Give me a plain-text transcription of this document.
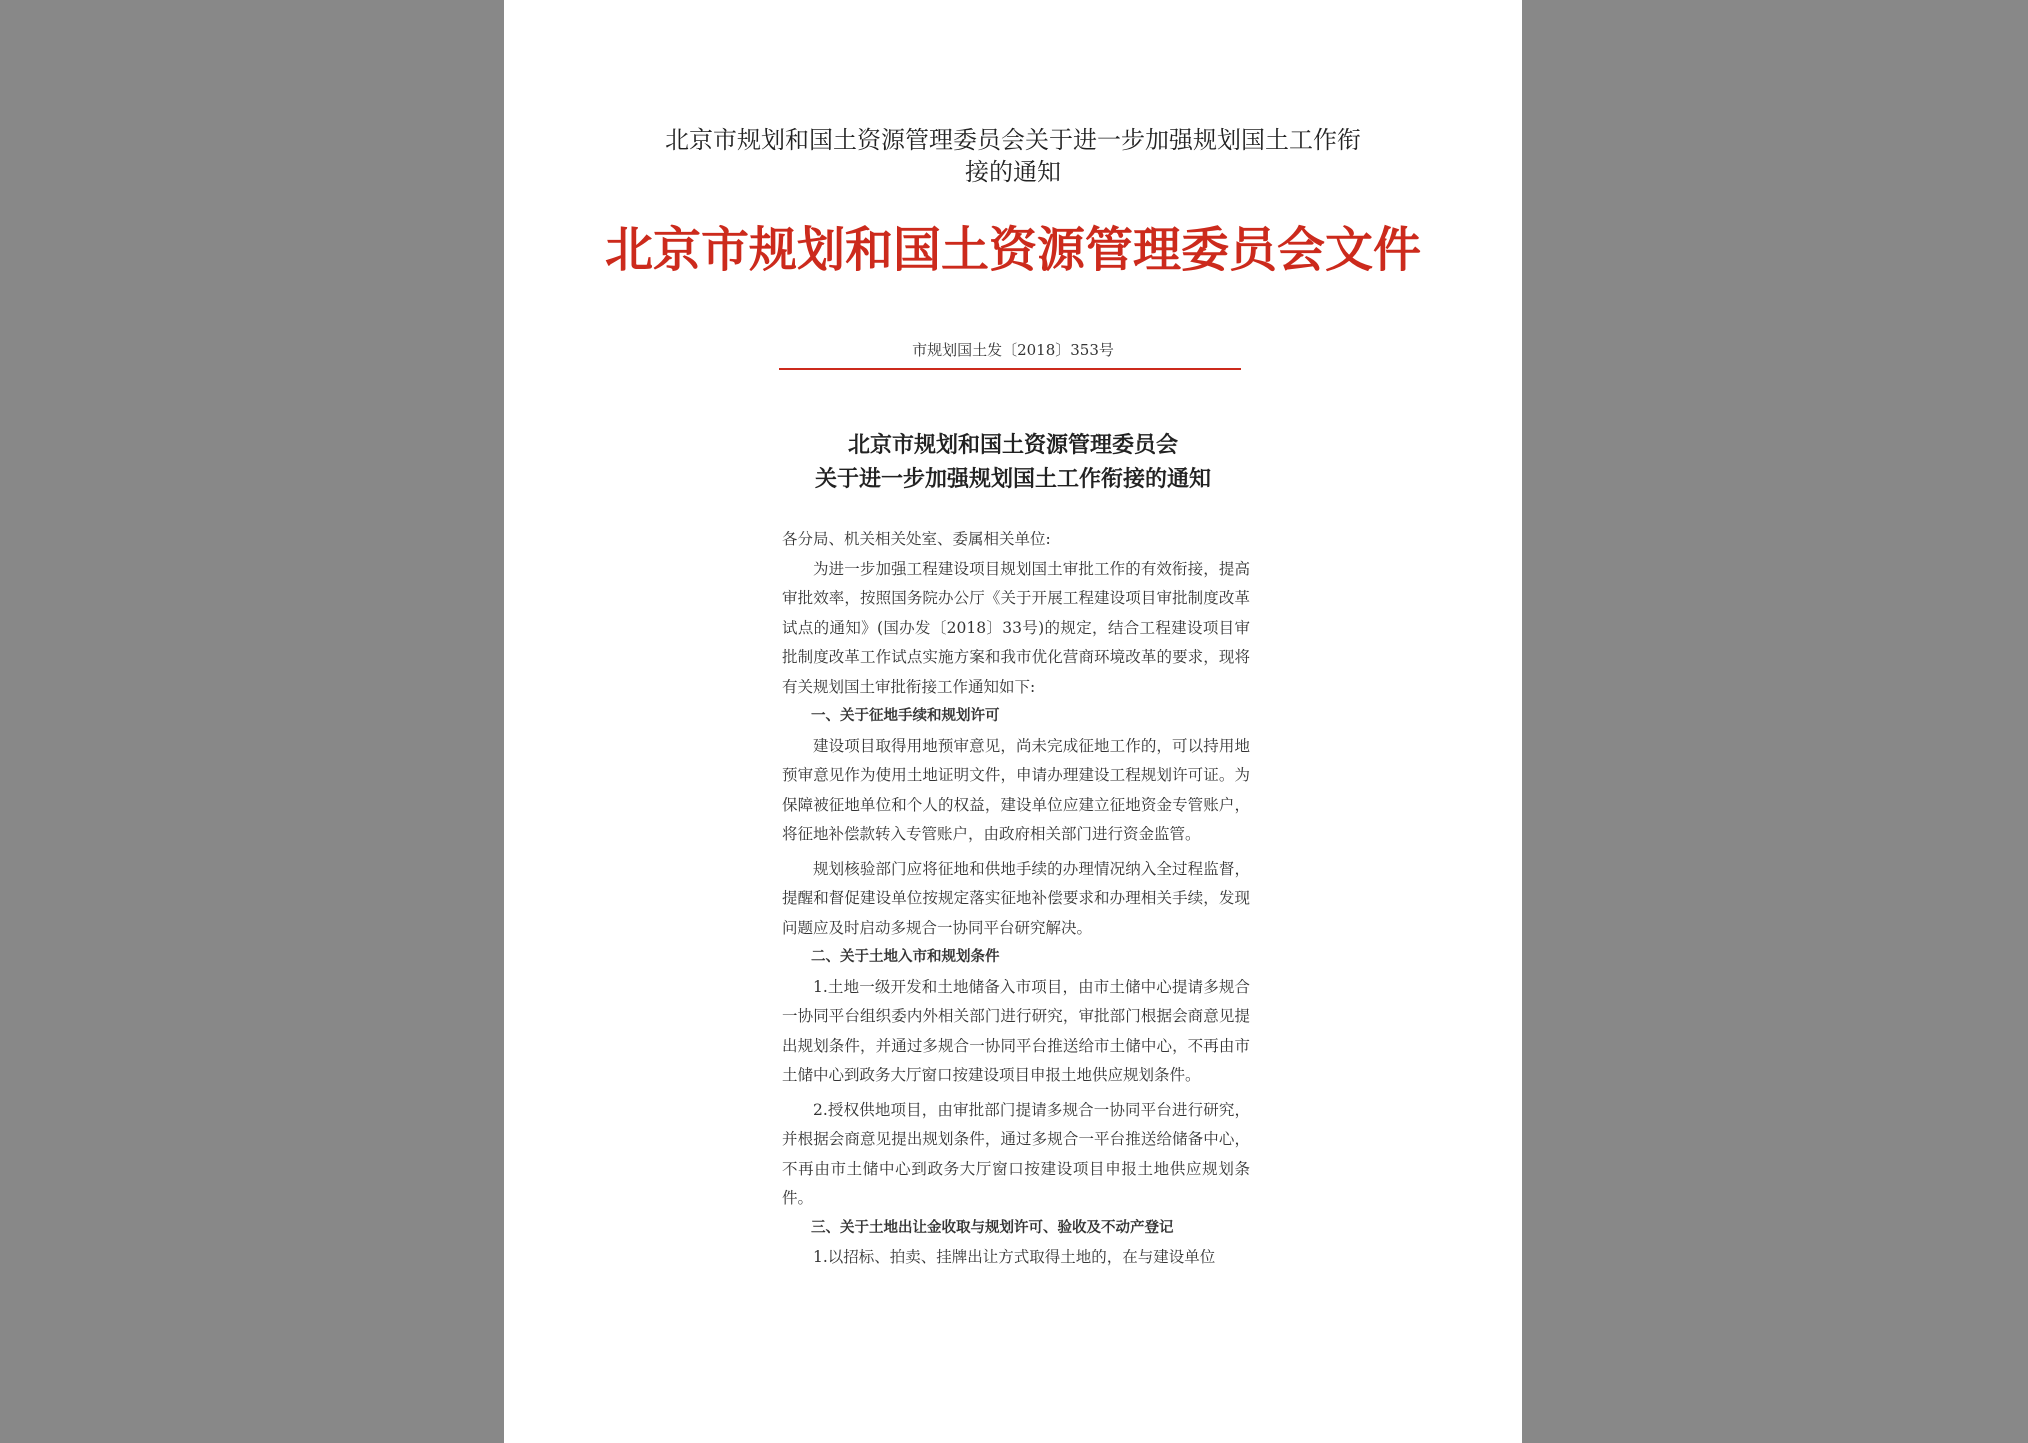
北京市规划和国土资源管理委员会关于进一步加强规划国土工作衔接的通知
北京市规划和国土资源管理委员会文件
市规划国土发〔2018〕353号
北京市规划和国土资源管理委员会
关于进一步加强规划国土工作衔接的通知

各分局、机关相关处室、委属相关单位:

为进一步加强工程建设项目规划国土审批工作的有效衔接，提高审批效率，按照国务院办公厅《关于开展工程建设项目审批制度改革试点的通知》(国办发〔2018〕33号)的规定，结合工程建设项目审批制度改革工作试点实施方案和我市优化营商环境改革的要求，现将有关规划国土审批衔接工作通知如下:

一、关于征地手续和规划许可

建设项目取得用地预审意见，尚未完成征地工作的，可以持用地预审意见作为使用土地证明文件，申请办理建设工程规划许可证。为保障被征地单位和个人的权益，建设单位应建立征地资金专管账户，将征地补偿款转入专管账户，由政府相关部门进行资金监管。

规划核验部门应将征地和供地手续的办理情况纳入全过程监督，提醒和督促建设单位按规定落实征地补偿要求和办理相关手续，发现问题应及时启动多规合一协同平台研究解决。

二、关于土地入市和规划条件

1.土地一级开发和土地储备入市项目，由市土储中心提请多规合一协同平台组织委内外相关部门进行研究，审批部门根据会商意见提出规划条件，并通过多规合一协同平台推送给市土储中心，不再由市土储中心到政务大厅窗口按建设项目申报土地供应规划条件。

2.授权供地项目，由审批部门提请多规合一协同平台进行研究，并根据会商意见提出规划条件，通过多规合一平台推送给储备中心，不再由市土储中心到政务大厅窗口按建设项目申报土地供应规划条件。

三、关于土地出让金收取与规划许可、验收及不动产登记

1.以招标、拍卖、挂牌出让方式取得土地的，在与建设单位
